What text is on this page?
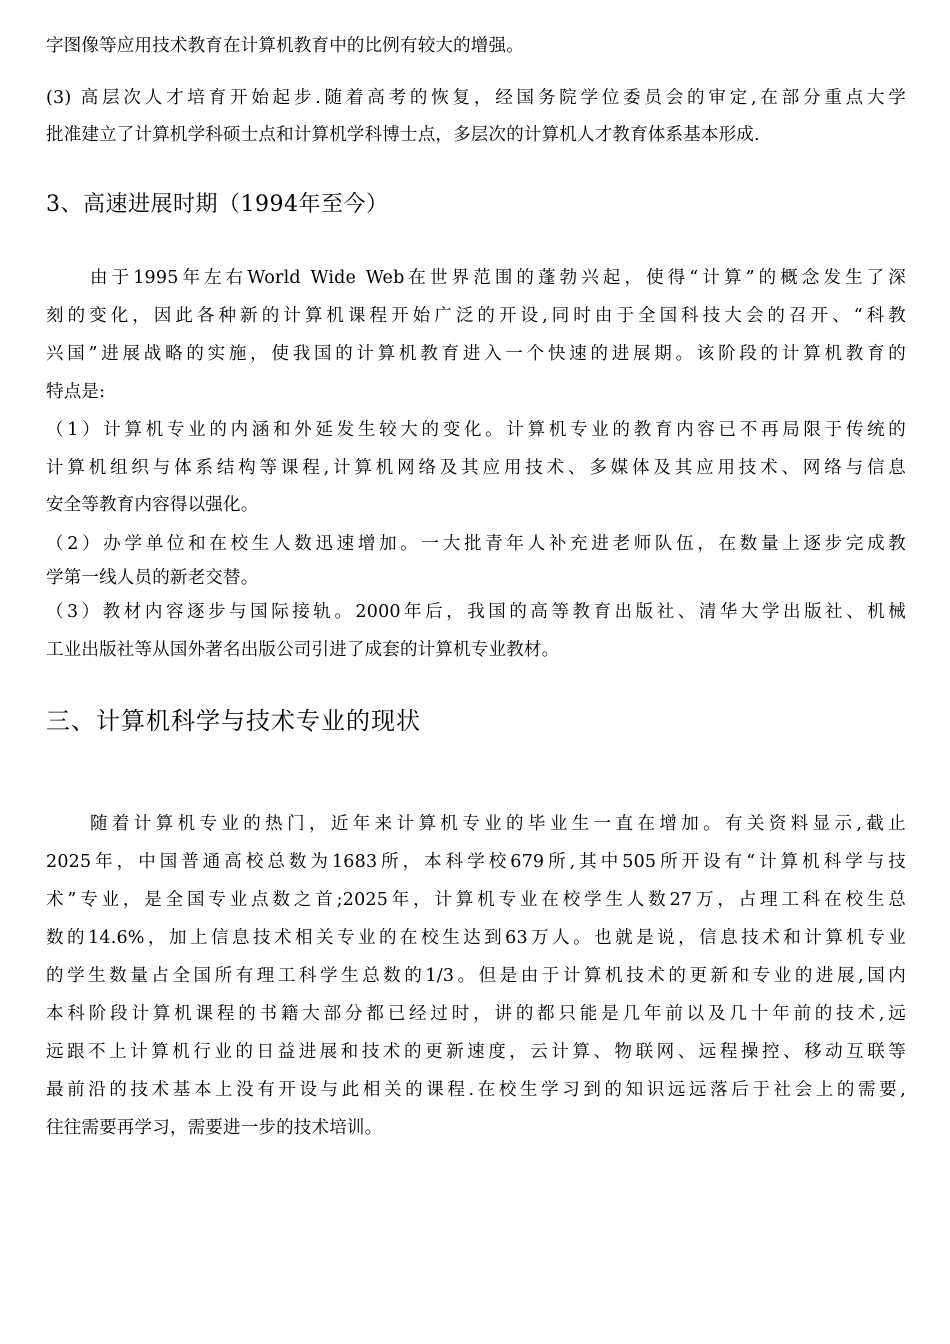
字图像等应用技术教育在计算机教育中的比例有较大的增强。
(3) 高层次人才培育开始起步.随着高考的恢复，经国务院学位委员会的审定,在部分重点大学
批准建立了计算机学科硕士点和计算机学科博士点，多层次的计算机人才教育体系基本形成.
3、高速进展时期（1994年至今）
由于1995年左右World Wide Web在世界范围的蓬勃兴起，使得“计算”的概念发生了深
刻的变化，因此各种新的计算机课程开始广泛的开设,同时由于全国科技大会的召开、“科教
兴国”进展战略的实施，使我国的计算机教育进入一个快速的进展期。该阶段的计算机教育的
特点是:
（1）计算机专业的内涵和外延发生较大的变化。计算机专业的教育内容已不再局限于传统的
计算机组织与体系结构等课程,计算机网络及其应用技术、多媒体及其应用技术、网络与信息
安全等教育内容得以强化。
（2）办学单位和在校生人数迅速增加。一大批青年人补充进老师队伍，在数量上逐步完成教
学第一线人员的新老交替。
（3）教材内容逐步与国际接轨。2000年后，我国的高等教育出版社、清华大学出版社、机械
工业出版社等从国外著名出版公司引进了成套的计算机专业教材。
三、计算机科学与技术专业的现状
随着计算机专业的热门，近年来计算机专业的毕业生一直在增加。有关资料显示,截止
2025年，中国普通高校总数为1683所，本科学校679所,其中505所开设有“计算机科学与技
术”专业，是全国专业点数之首;2025年，计算机专业在校学生人数27万，占理工科在校生总
数的14.6%，加上信息技术相关专业的在校生达到63万人。也就是说，信息技术和计算机专业
的学生数量占全国所有理工科学生总数的1/3。但是由于计算机技术的更新和专业的进展,国内
本科阶段计算机课程的书籍大部分都已经过时，讲的都只能是几年前以及几十年前的技术,远
远跟不上计算机行业的日益进展和技术的更新速度，云计算、物联网、远程操控、移动互联等
最前沿的技术基本上没有开设与此相关的课程.在校生学习到的知识远远落后于社会上的需要,
往往需要再学习，需要进一步的技术培训。
